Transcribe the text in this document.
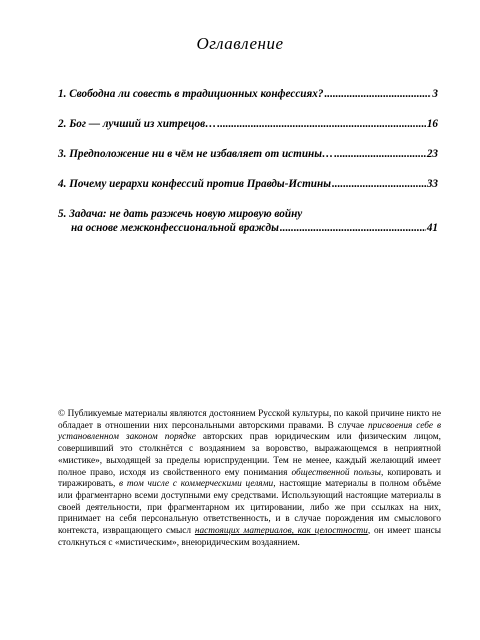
Оглавление
1. Свободна ли совесть в традиционных конфессиях? .....	3
2. Бог — лучший из хитрецов… .....	16
3. Предположение ни в чём не избавляет от истины… .....	23
4. Почему иерархи конфессий против Правды-Истины .....	33
5. Задача: не дать разжечь новую мировую войну
на основе межконфессиональной вражды .....	41
© Публикуемые материалы являются достоянием Русской культуры, по какой причине никто не обладает в отношении них персональными авторскими правами. В случае присвоения себе в установленном законом порядке авторских прав юридическим или физическим лицом, совершивший это столкнётся с воздаянием за воровство, выражающемся в неприятной «мистике», выходящей за пределы юриспруденции. Тем не менее, каждый желающий имеет полное право, исходя из свойственного ему понимания общественной пользы, копировать и тиражировать, в том числе с коммерческими целями, настоящие материалы в полном объёме или фрагментарно всеми доступными ему средствами. Использующий настоящие материалы в своей деятельности, при фрагментарном их цитировании, либо же при ссылках на них, принимает на себя персональную ответственность, и в случае порождения им смыслового контекста, извращающего смысл настоящих материалов, как целостности, он имеет шансы столкнуться с «мистическим», внеюридическим воздаянием.
